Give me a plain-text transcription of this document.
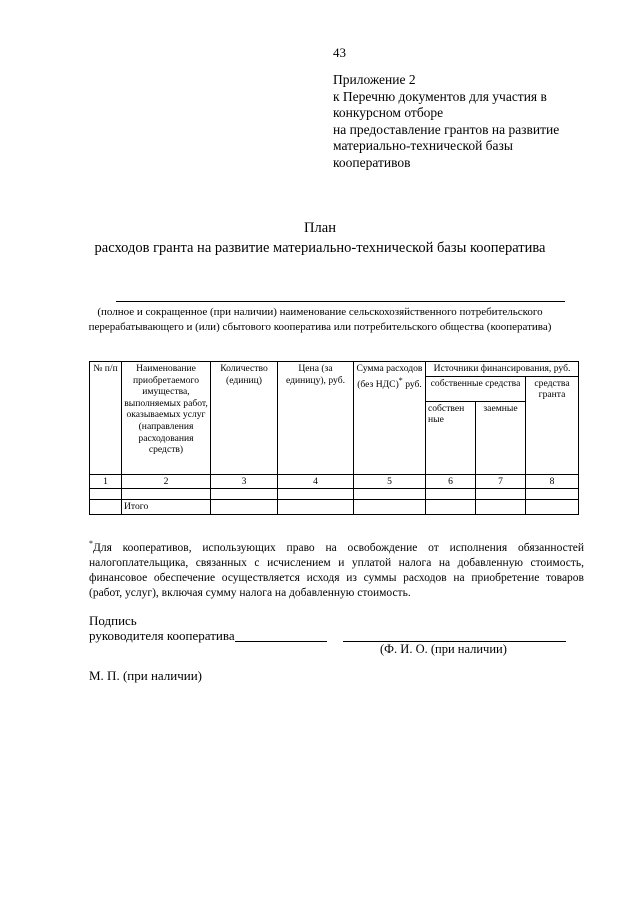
43
Приложение 2
к Перечню документов для участия в
конкурсном отборе
на предоставление грантов на развитие
материально-технической базы
кооперативов
План
расходов гранта на развитие материально-технической базы кооператива
(полное и сокращенное (при наличии) наименование сельскохозяйственного потребительского
перерабатывающего и (или) сбытового кооператива или потребительского общества (кооператива)
№ п/п	Наименование приобретаемого имущества, выполняемых работ, оказываемых услуг (направления расходования средств)	Количество (единиц)	Цена (за единицу), руб.	Сумма расходов (без НДС)* руб.	Источники финансирования, руб.		
					собственные средства		средства гранта
					собствен ные	заемные	
1	2	3	4	5	6	7	8

	Итого						
*Для кооперативов, использующих право на освобождение от исполнения обязанностей налогоплательщика, связанных с исчислением и уплатой налога на добавленную стоимость, финансовое обеспечение осуществляется исходя из суммы расходов на приобретение товаров (работ, услуг), включая сумму налога на добавленную стоимость.
Подпись
руководителя кооператива
(Ф. И. О. (при наличии)
М. П. (при наличии)
